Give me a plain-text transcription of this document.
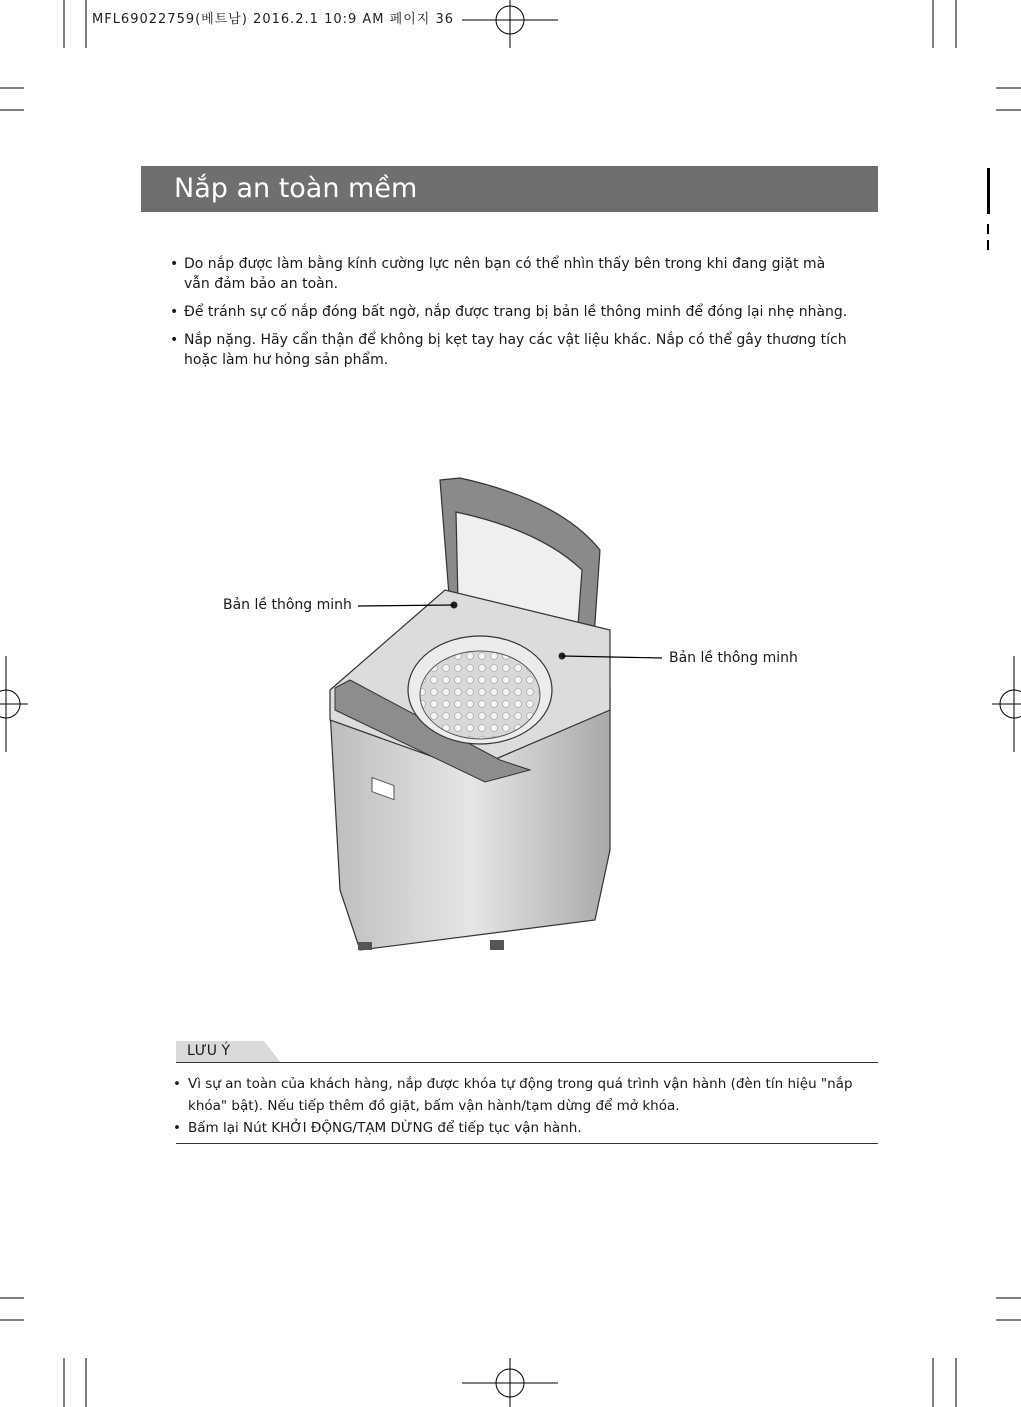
MFL69022759(베트남) 2016.2.1 10:9 AM 페이지 36
Nắp an toàn mềm
• Do nắp được làm bằng kính cường lực nên bạn có thể nhìn thấy bên trong khi đang giặt mà vẫn đảm bảo an toàn.
• Để tránh sự cố nắp đóng bất ngờ, nắp được trang bị bản lề thông minh để đóng lại nhẹ nhàng.
• Nắp nặng. Hãy cẩn thận để không bị kẹt tay hay các vật liệu khác. Nắp có thể gây thương tích hoặc làm hư hỏng sản phẩm.
Bản lề thông minh
Bản lề thông minh
LƯU Ý
• Vì sự an toàn của khách hàng, nắp được khóa tự động trong quá trình vận hành (đèn tín hiệu "nắp khóa" bật). Nếu tiếp thêm đồ giặt, bấm vận hành/tạm dừng để mở khóa.
• Bấm lại Nút KHỞI ĐỘNG/TẠM DỪNG để tiếp tục vận hành.
